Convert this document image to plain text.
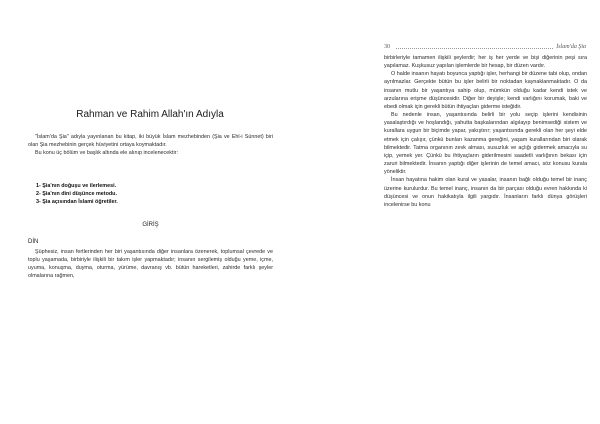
Rahman ve Rahim Allah'ın Adıyla

"İslam'da Şia" adıyla yayınlanan bu kitap, iki büyük İslam mezhebinden (Şia ve Ehl-i Sünnet) biri olan Şia mezhebinin gerçek hüviyetini ortaya koymaktadır.

Bu konu üç bölüm ve başlık altında ele alınıp incelenecektir:

1- Şia'nın doğuşu ve ilerlemesi.
2- Şia'nın dini düşünce metodu.
3- Şia açısından İslami öğretiler.
GİRİŞ
DİN

Şüphesiz, insan fertlerinden her biri yaşantısında diğer insanlara özenerek, toplumsal çevrede ve toplu yaşamada, birbiriyle ilişkili bir takım işler yapmaktadır; insanın sergilemiş olduğu yeme, içme, uyuma, konuşma, duyma, oturma, yürüme, davranış vb. bütün hareketleri, zahirde farklı şeyler olmalarına rağmen,

30	İslam'da Şia

birbirleriyle tamamen ilişkili şeylerdir; her iş her yerde ve bişi diğerinin peşi sıra yapılamaz. Kuşkusuz yapılan işlemlerde bir hesap, bir düzen vardır.

O halde insanın hayatı boyunca yaptığı işler, herhangi bir düzene tabi olup, ondan ayrılmazlar. Gerçekte bütün bu işler belirli bir noktadan kaynaklanmaktadır. O da insanın mutlu bir yaşantıya sahip olup, mümkün olduğu kadar kendi istek ve arzularına erişme düşüncesidir. Diğer bir deyişle; kendi varlığını korumak, baki ve ebedi olmak için gerekli bütün ihtiyaçları giderme isteğidir.

Bu nedenle insan, yaşantısında belirli bir yolu seçip işlerini kendisinin yasalaştırdığı ve hoşlandığı, yahutta başkalarından algılayıp benimsediği sistem ve kurallara uygun bir biçimde yapar, yakıştırır; yaşantısında gerekli olan her şeyi elde etmek için çalışır, çünkü bunları kazanma gereğini, yaşam kurallarından biri olarak bilmektedir. Tatma organının zevk alması, susuzluk ve açlığı gidermek amacıyla su içip, yemek yer. Çünkü bu ihtiyaçların giderilmesini saadetli varlığının bekası için zaruri bilmektedir. İnsanın yaptığı diğer işlerinin de temel amacı, söz konusu kurala yöneliktir.

İnsan hayatına hakim olan kural ve yasalar, insanın bağlı olduğu temel bir inanç üzerine kurulurdur. Bu temel inanç, insanın da bir parçası olduğu evren hakkında ki düşüncesi ve onun hakikatıyla ilgili yargıdır. İnsanların farklı dünya görüşleri incelenirse bu konu
